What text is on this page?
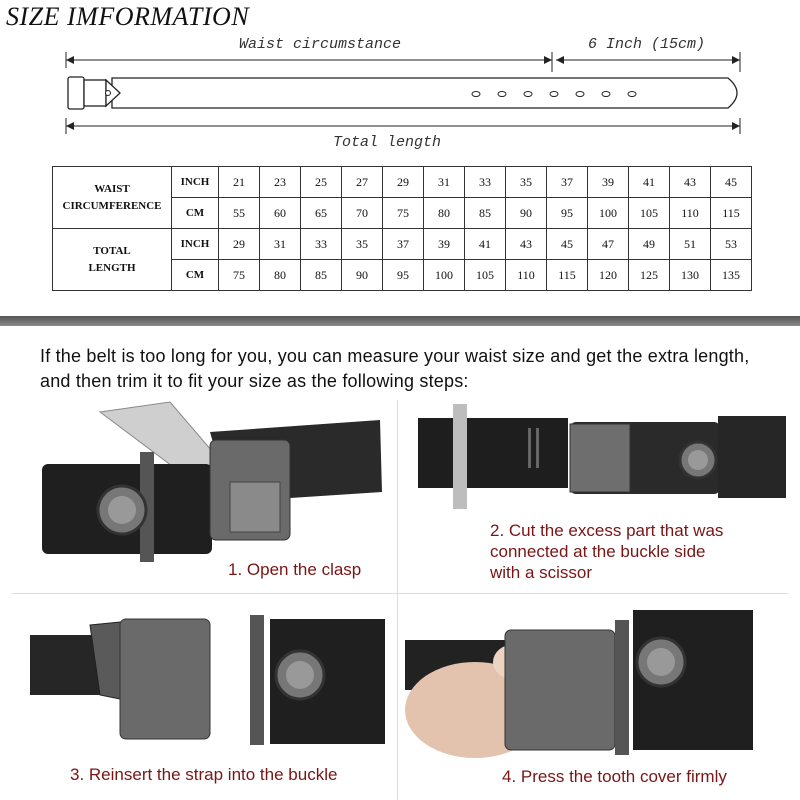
SIZE IMFORMATION
Waist circumstance	6 Inch (15cm)
Total length
WAIST
CIRCUMFERENCE	INCH	21	23	25	27	29	31	33	35	37	39	41	43	45
	CM	55	60	65	70	75	80	85	90	95	100	105	110	115
TOTAL
LENGTH	INCH	29	31	33	35	37	39	41	43	45	47	49	51	53
	CM	75	80	85	90	95	100	105	110	115	120	125	130	135
If the belt is too long for you, you can measure your waist size and get the extra length, and then trim it to fit your size as the following steps:
1. Open the clasp
2. Cut the excess part that was
connected at the buckle side
with a scissor
3. Reinsert the strap into the buckle	4. Press the tooth cover firmly
